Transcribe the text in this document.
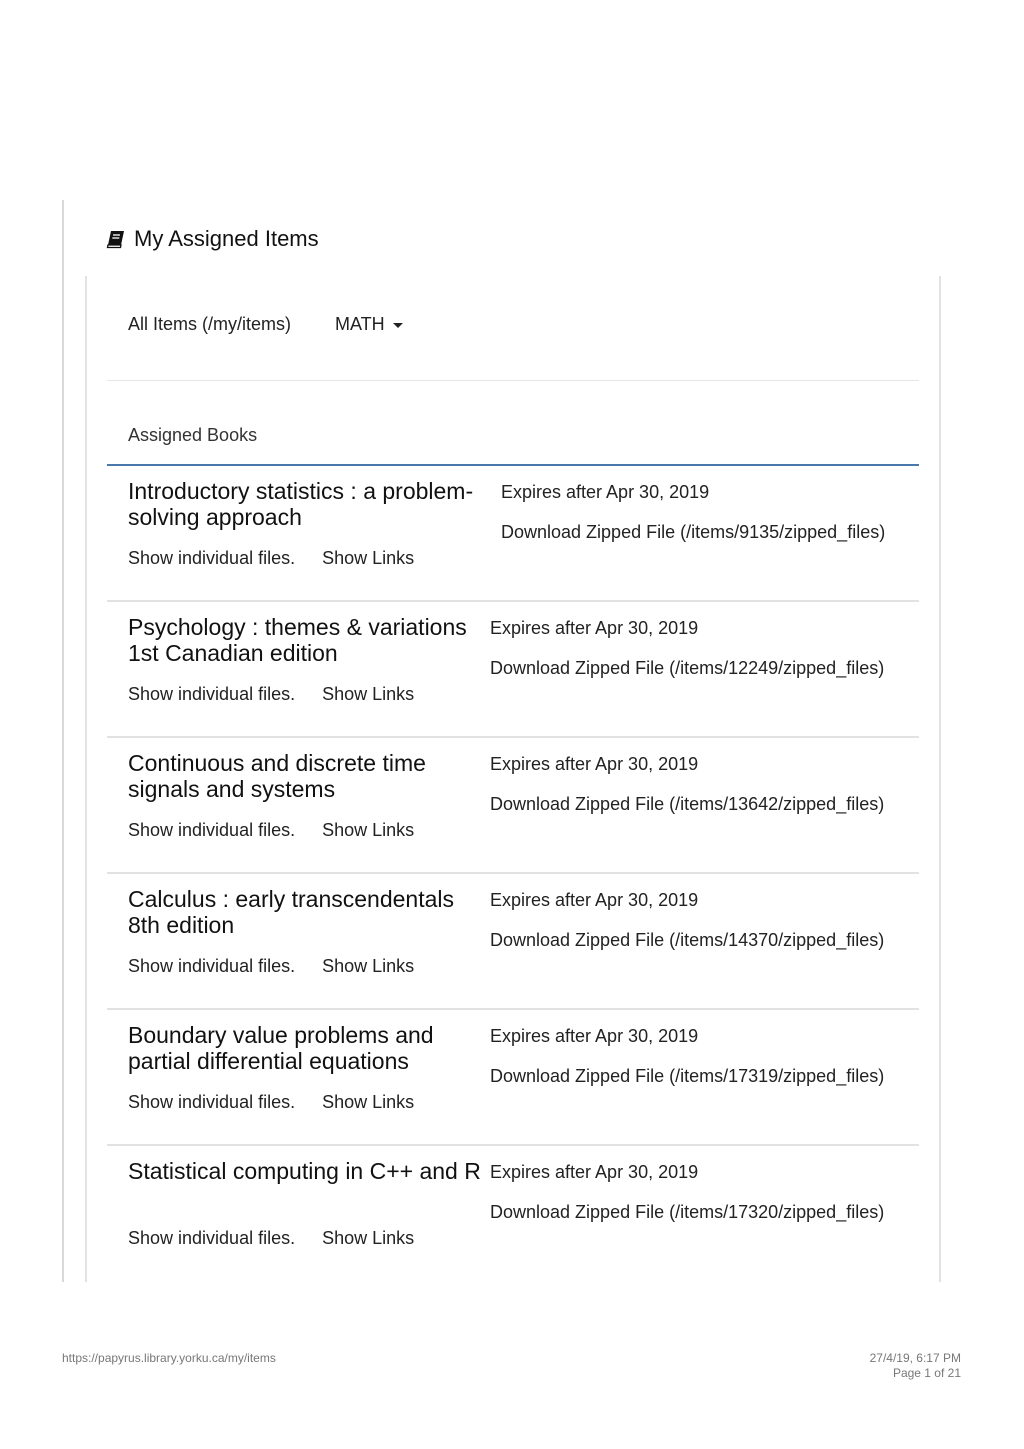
My Assigned Items
All Items (/my/items) MATH
Assigned Books
Introductory statistics : a problem-solving approach
Show individual files. Show Links
Expires after Apr 30, 2019
Download Zipped File (/items/9135/zipped_files)
Psychology : themes & variations 1st Canadian edition
Show individual files. Show Links
Expires after Apr 30, 2019
Download Zipped File (/items/12249/zipped_files)
Continuous and discrete time signals and systems
Show individual files. Show Links
Expires after Apr 30, 2019
Download Zipped File (/items/13642/zipped_files)
Calculus : early transcendentals 8th edition
Show individual files. Show Links
Expires after Apr 30, 2019
Download Zipped File (/items/14370/zipped_files)
Boundary value problems and partial differential equations
Show individual files. Show Links
Expires after Apr 30, 2019
Download Zipped File (/items/17319/zipped_files)
Statistical computing in C++ and R
Show individual files. Show Links
Expires after Apr 30, 2019
Download Zipped File (/items/17320/zipped_files)
https://papyrus.library.yorku.ca/my/items	27/4/19, 6:17 PM
Page 1 of 21
